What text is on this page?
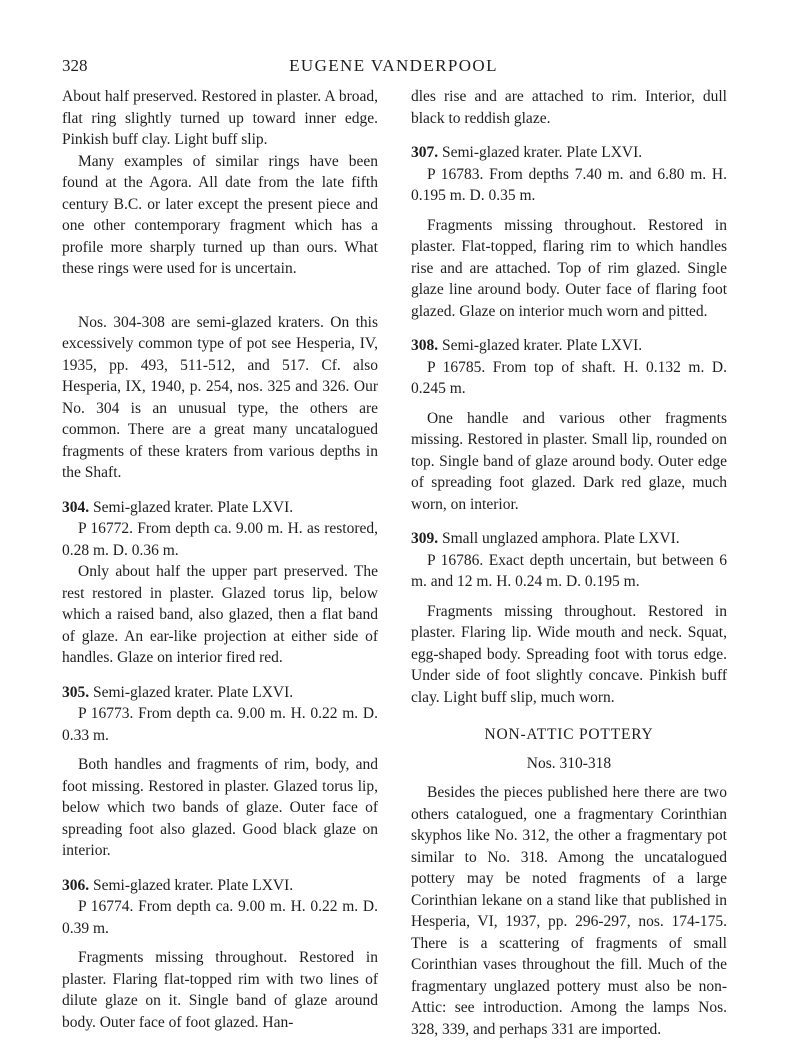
328	EUGENE VANDERPOOL

About half preserved. Restored in plaster. A broad, flat ring slightly turned up toward inner edge. Pinkish buff clay. Light buff slip.

Many examples of similar rings have been found at the Agora. All date from the late fifth century B.C. or later except the present piece and one other contemporary fragment which has a profile more sharply turned up than ours. What these rings were used for is uncertain.

Nos. 304-308 are semi-glazed kraters. On this excessively common type of pot see Hesperia, IV, 1935, pp. 493, 511-512, and 517. Cf. also Hesperia, IX, 1940, p. 254, nos. 325 and 326. Our No. 304 is an unusual type, the others are common. There are a great many uncatalogued fragments of these kraters from various depths in the Shaft.

304. Semi-glazed krater. Plate LXVI.

P 16772. From depth ca. 9.00 m. H. as restored, 0.28 m. D. 0.36 m.

Only about half the upper part preserved. The rest restored in plaster. Glazed torus lip, below which a raised band, also glazed, then a flat band of glaze. An ear-like projection at either side of handles. Glaze on interior fired red.

305. Semi-glazed krater. Plate LXVI.

P 16773. From depth ca. 9.00 m. H. 0.22 m. D. 0.33 m.

Both handles and fragments of rim, body, and foot missing. Restored in plaster. Glazed torus lip, below which two bands of glaze. Outer face of spreading foot also glazed. Good black glaze on interior.

306. Semi-glazed krater. Plate LXVI.

P 16774. From depth ca. 9.00 m. H. 0.22 m. D. 0.39 m.

Fragments missing throughout. Restored in plaster. Flaring flat-topped rim with two lines of dilute glaze on it. Single band of glaze around body. Outer face of foot glazed. Han-

dles rise and are attached to rim. Interior, dull black to reddish glaze.

307. Semi-glazed krater. Plate LXVI.

P 16783. From depths 7.40 m. and 6.80 m. H. 0.195 m. D. 0.35 m.

Fragments missing throughout. Restored in plaster. Flat-topped, flaring rim to which handles rise and are attached. Top of rim glazed. Single glaze line around body. Outer face of flaring foot glazed. Glaze on interior much worn and pitted.

308. Semi-glazed krater. Plate LXVI.

P 16785. From top of shaft. H. 0.132 m. D. 0.245 m.

One handle and various other fragments missing. Restored in plaster. Small lip, rounded on top. Single band of glaze around body. Outer edge of spreading foot glazed. Dark red glaze, much worn, on interior.

309. Small unglazed amphora. Plate LXVI.

P 16786. Exact depth uncertain, but between 6 m. and 12 m. H. 0.24 m. D. 0.195 m.

Fragments missing throughout. Restored in plaster. Flaring lip. Wide mouth and neck. Squat, egg-shaped body. Spreading foot with torus edge. Under side of foot slightly concave. Pinkish buff clay. Light buff slip, much worn.

NON-ATTIC POTTERY

Nos. 310-318

Besides the pieces published here there are two others catalogued, one a fragmentary Corinthian skyphos like No. 312, the other a fragmentary pot similar to No. 318. Among the uncatalogued pottery may be noted fragments of a large Corinthian lekane on a stand like that published in Hesperia, VI, 1937, pp. 296-297, nos. 174-175. There is a scattering of fragments of small Corinthian vases throughout the fill. Much of the fragmentary unglazed pottery must also be non-Attic: see introduction. Among the lamps Nos. 328, 339, and perhaps 331 are imported.
